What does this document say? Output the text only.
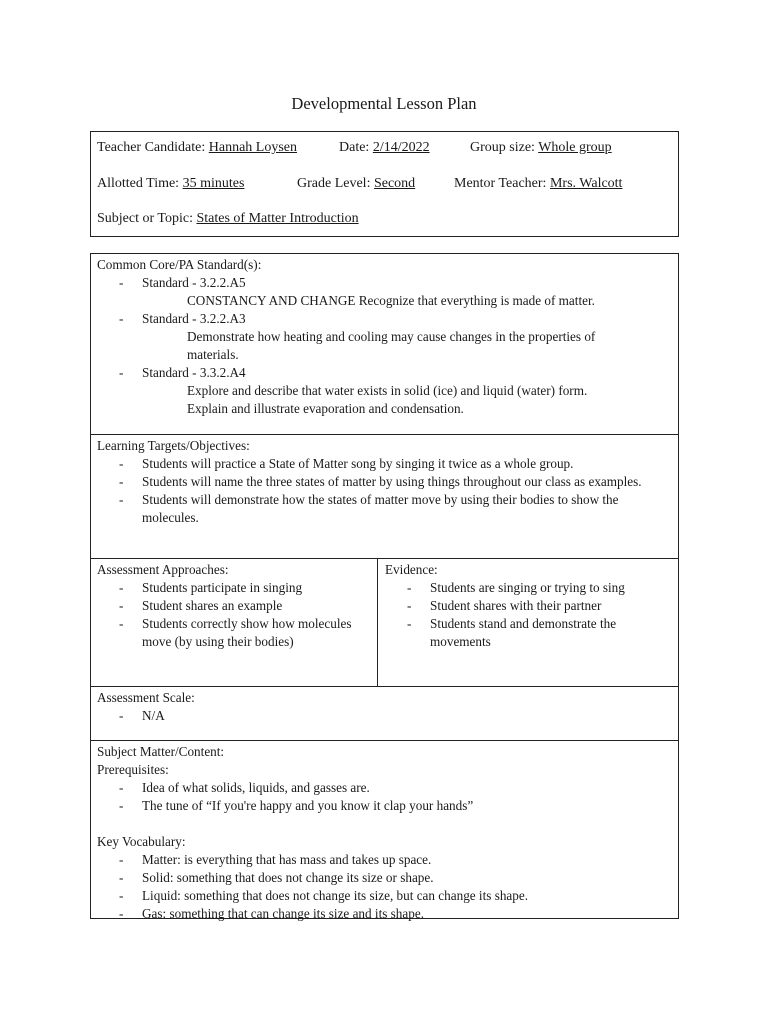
Developmental Lesson Plan
Teacher Candidate: Hannah Loysen	Date: 2/14/2022	Group size: Whole group
Allotted Time: 35 minutes	Grade Level: Second	Mentor Teacher: Mrs. Walcott
Subject or Topic: States of Matter Introduction
Common Core/PA Standard(s):
- Standard - 3.2.2.A5
CONSTANCY AND CHANGE Recognize that everything is made of matter.
- Standard - 3.2.2.A3
Demonstrate how heating and cooling may cause changes in the properties of
materials.
- Standard - 3.3.2.A4
Explore and describe that water exists in solid (ice) and liquid (water) form.
Explain and illustrate evaporation and condensation.
Learning Targets/Objectives:
- Students will practice a State of Matter song by singing it twice as a whole group.
- Students will name the three states of matter by using things throughout our class as examples.
- Students will demonstrate how the states of matter move by using their bodies to show the molecules.
Assessment Approaches:
- Students participate in singing
- Student shares an example
- Students correctly show how molecules move (by using their bodies)
Evidence:
- Students are singing or trying to sing
- Student shares with their partner
- Students stand and demonstrate the movements
Assessment Scale:
- N/A
Subject Matter/Content:
Prerequisites:
- Idea of what solids, liquids, and gasses are.
- The tune of “If you're happy and you know it clap your hands”
Key Vocabulary:
- Matter: is everything that has mass and takes up space.
- Solid: something that does not change its size or shape.
- Liquid: something that does not change its size, but can change its shape.
- Gas: something that can change its size and its shape.
